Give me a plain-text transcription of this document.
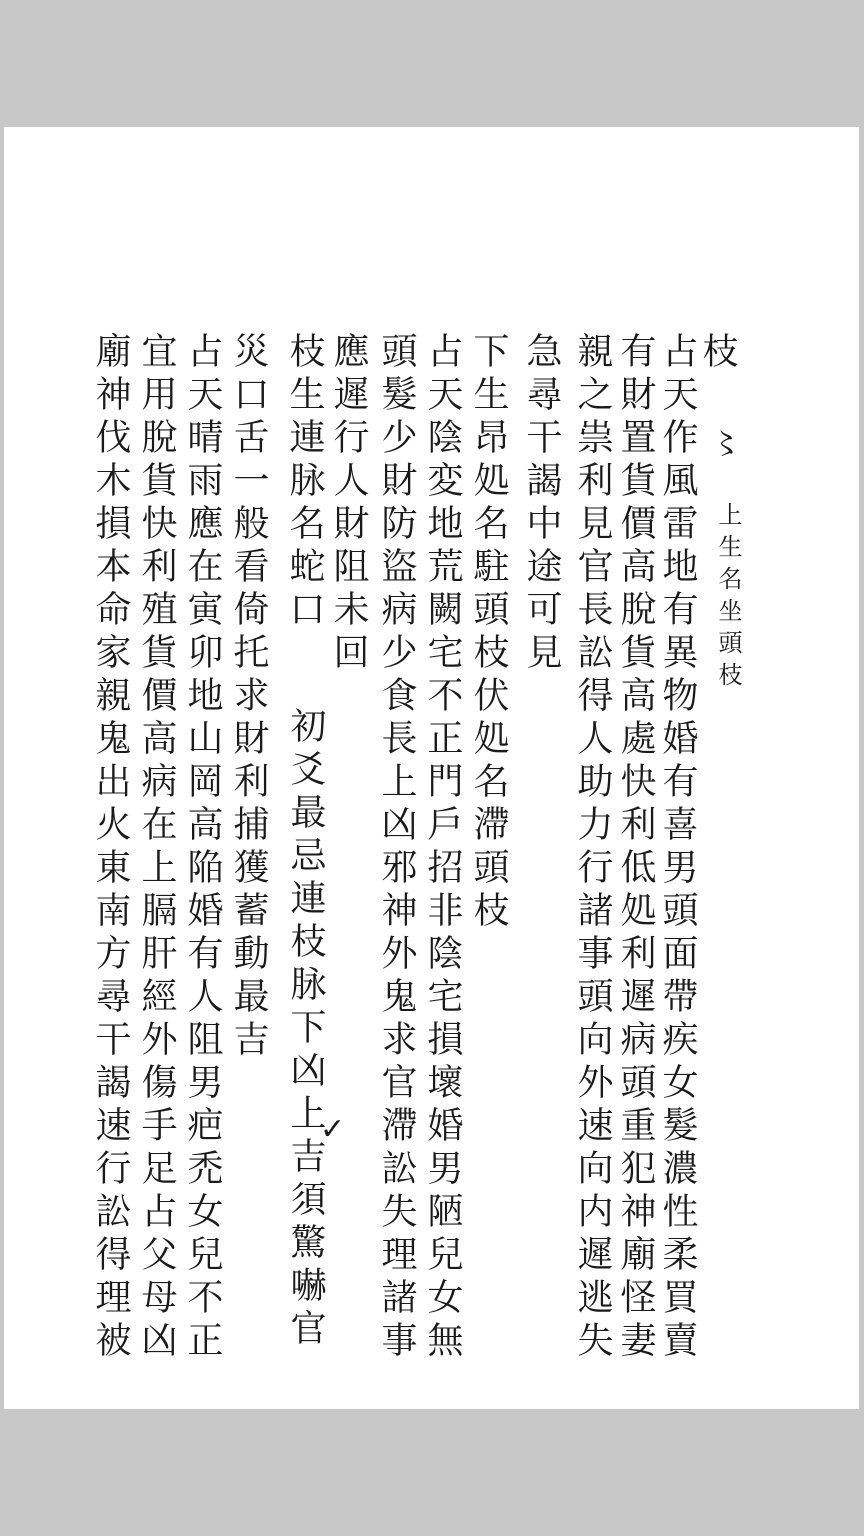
枝
上生名坐頭枝
〻
占天作風雷地有異物婚有喜男頭面帶疾女髮濃性柔買賣
有財置貨價高脫貨高處快利低処利遲病頭重犯神廟怪妻
親之祟利見官長訟得人助力行諸事頭向外速向内遲逃失
急尋干謁中途可見
下生昂処名駐頭枝伏処名滯頭枝
占天陰変地荒闕宅不正門戶招非陰宅損壞婚男陋兒女無
頭髮少財防盜病少食長上凶邪神外鬼求官滯訟失理諸事
應遲行人財阻未回
枝生連脉名蛇口
初爻最忌連枝脉下凶上吉須驚嚇官
✓
災口舌一般看倚托求財利捕獲蓄動最吉
占天晴雨應在寅卯地山岡高陥婚有人阻男疤禿女兒不正
宜用脫貨快利殖貨價高病在上膈肝經外傷手足占父母凶
廟神伐木損本命家親鬼出火東南方尋干謁速行訟得理被
